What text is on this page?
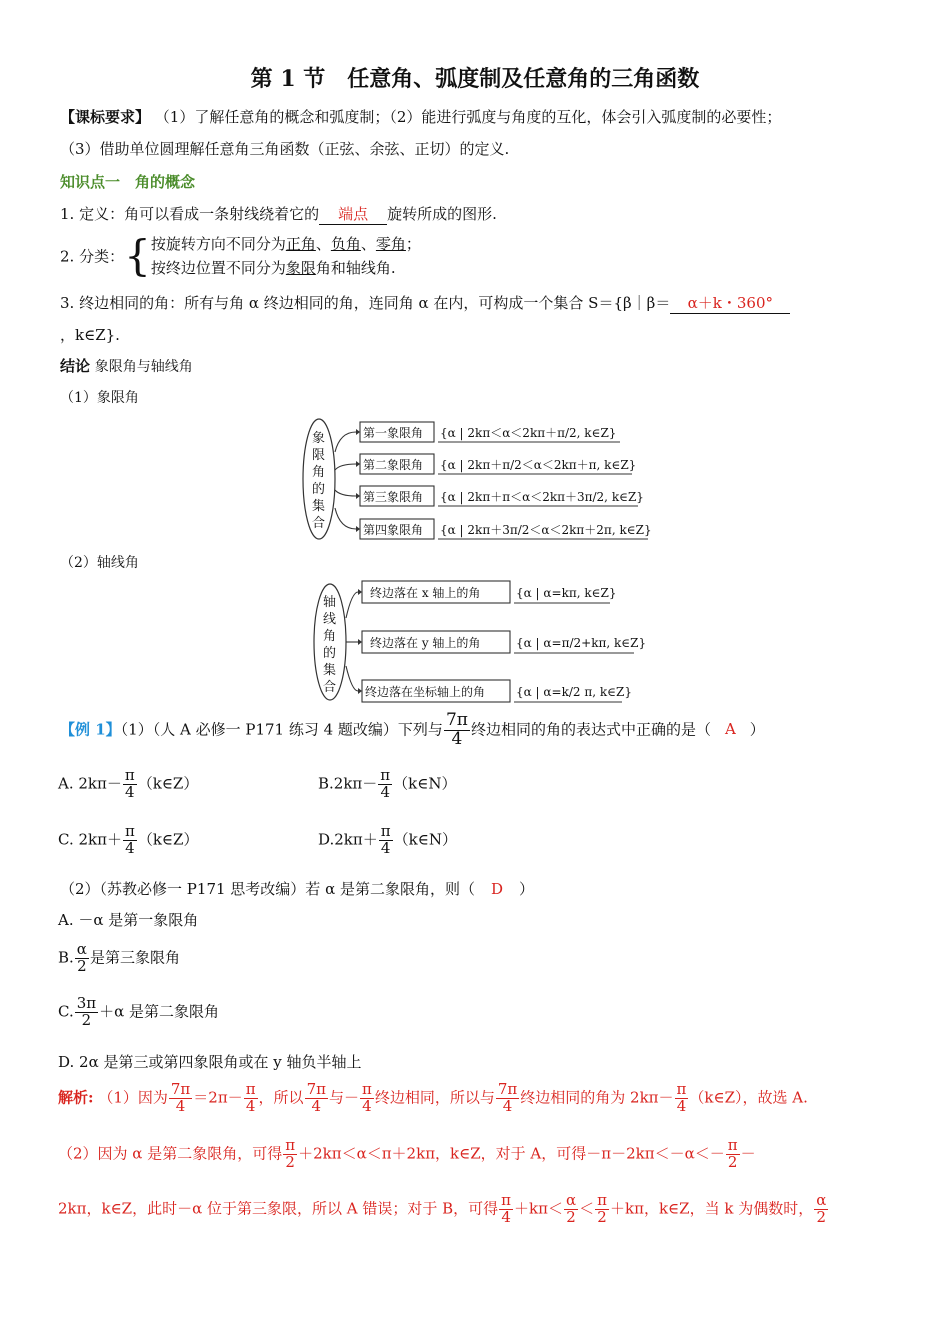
第 1 节　任意角、弧度制及任意角的三角函数
【课标要求】 （1）了解任意角的概念和弧度制；（2）能进行弧度与角度的互化，体会引入弧度制的必要性；
（3）借助单位圆理解任意角三角函数（正弦、余弦、正切）的定义.
知识点一　角的概念
1. 定义：角可以看成一条射线绕着它的 端点 旋转所成的图形.
2. 分类：{ 按旋转方向不同分为正角、负角、零角；
按终边位置不同分为象限角和轴线角.
3. 终边相同的角：所有与角 α 终边相同的角，连同角 α 在内，可构成一个集合 S＝{β｜β＝ α＋k・360°
，k∈Z}.
结论 象限角与轴线角
（1）象限角
象
限
角
的
集
合
第一象限角
第二象限角
第三象限角
第四象限角
{α | 2kπ＜α＜2kπ＋π/2, k∈Z}
{α | 2kπ＋π/2＜α＜2kπ＋π, k∈Z}
{α | 2kπ＋π＜α＜2kπ＋3π/2, k∈Z}
{α | 2kπ＋3π/2＜α＜2kπ＋2π, k∈Z}
（2）轴线角
轴
线
角
的
集
合
终边落在 x 轴上的角
终边落在 y 轴上的角
终边落在坐标轴上的角
{α | α=kπ, k∈Z}
{α | α=π/2+kπ, k∈Z}
{α | α=k/2 π, k∈Z}
【例 1】（1）（人 A 必修一 P171 练习 4 题改编）下列与 $\frac{7\pi}{4}$ 终边相同的角的表达式中正确的是（ A ）
A. $2k\pi- \frac{\pi}{4}$ （k∈Z）	$B.2k\pi- \frac{\pi}{4}$ （k∈N）
C. $2k\pi+ \frac{\pi}{4}$ （k∈Z）	$D.2k\pi+ \frac{\pi}{4}$ （k∈N）
（2）（苏教必修一 P171 思考改编）若 α 是第二象限角，则（ D ）
A. －α 是第一象限角
B. $\frac{\alpha}{2}$ 是第三象限角
C. $\frac{3\pi}{2} +\alpha$ 是第二象限角
D. 2α 是第三或第四象限角或在 y 轴负半轴上
解析: （1）因为 $\frac{7\pi}{4} =2\pi- \frac{\pi}{4}$ ，所以 $\frac{7\pi}{4}$ 与－ $\frac{\pi}{4}$ 终边相同，所以与 $\frac{7\pi}{4}$ 终边相同的角为 $2k\pi- \frac{\pi}{4}$ （k∈Z），故选 A.
（2）因为 α 是第二象限角，可得 $\frac{\pi}{2} +2k\pi<\alpha<\pi+2k\pi$，k∈Z，对于 A，可得$-\pi-2k\pi<-\alpha<- \frac{\pi}{2}$ －
2kπ，k∈Z，此时－α 位于第三象限，所以 A 错误；对于 B，可得 $\frac{\pi}{4} +k\pi< \frac{\alpha}{2} < \frac{\pi}{2} +k\pi$，k∈Z，当 k 为偶数时， $\frac{\alpha}{2}$
